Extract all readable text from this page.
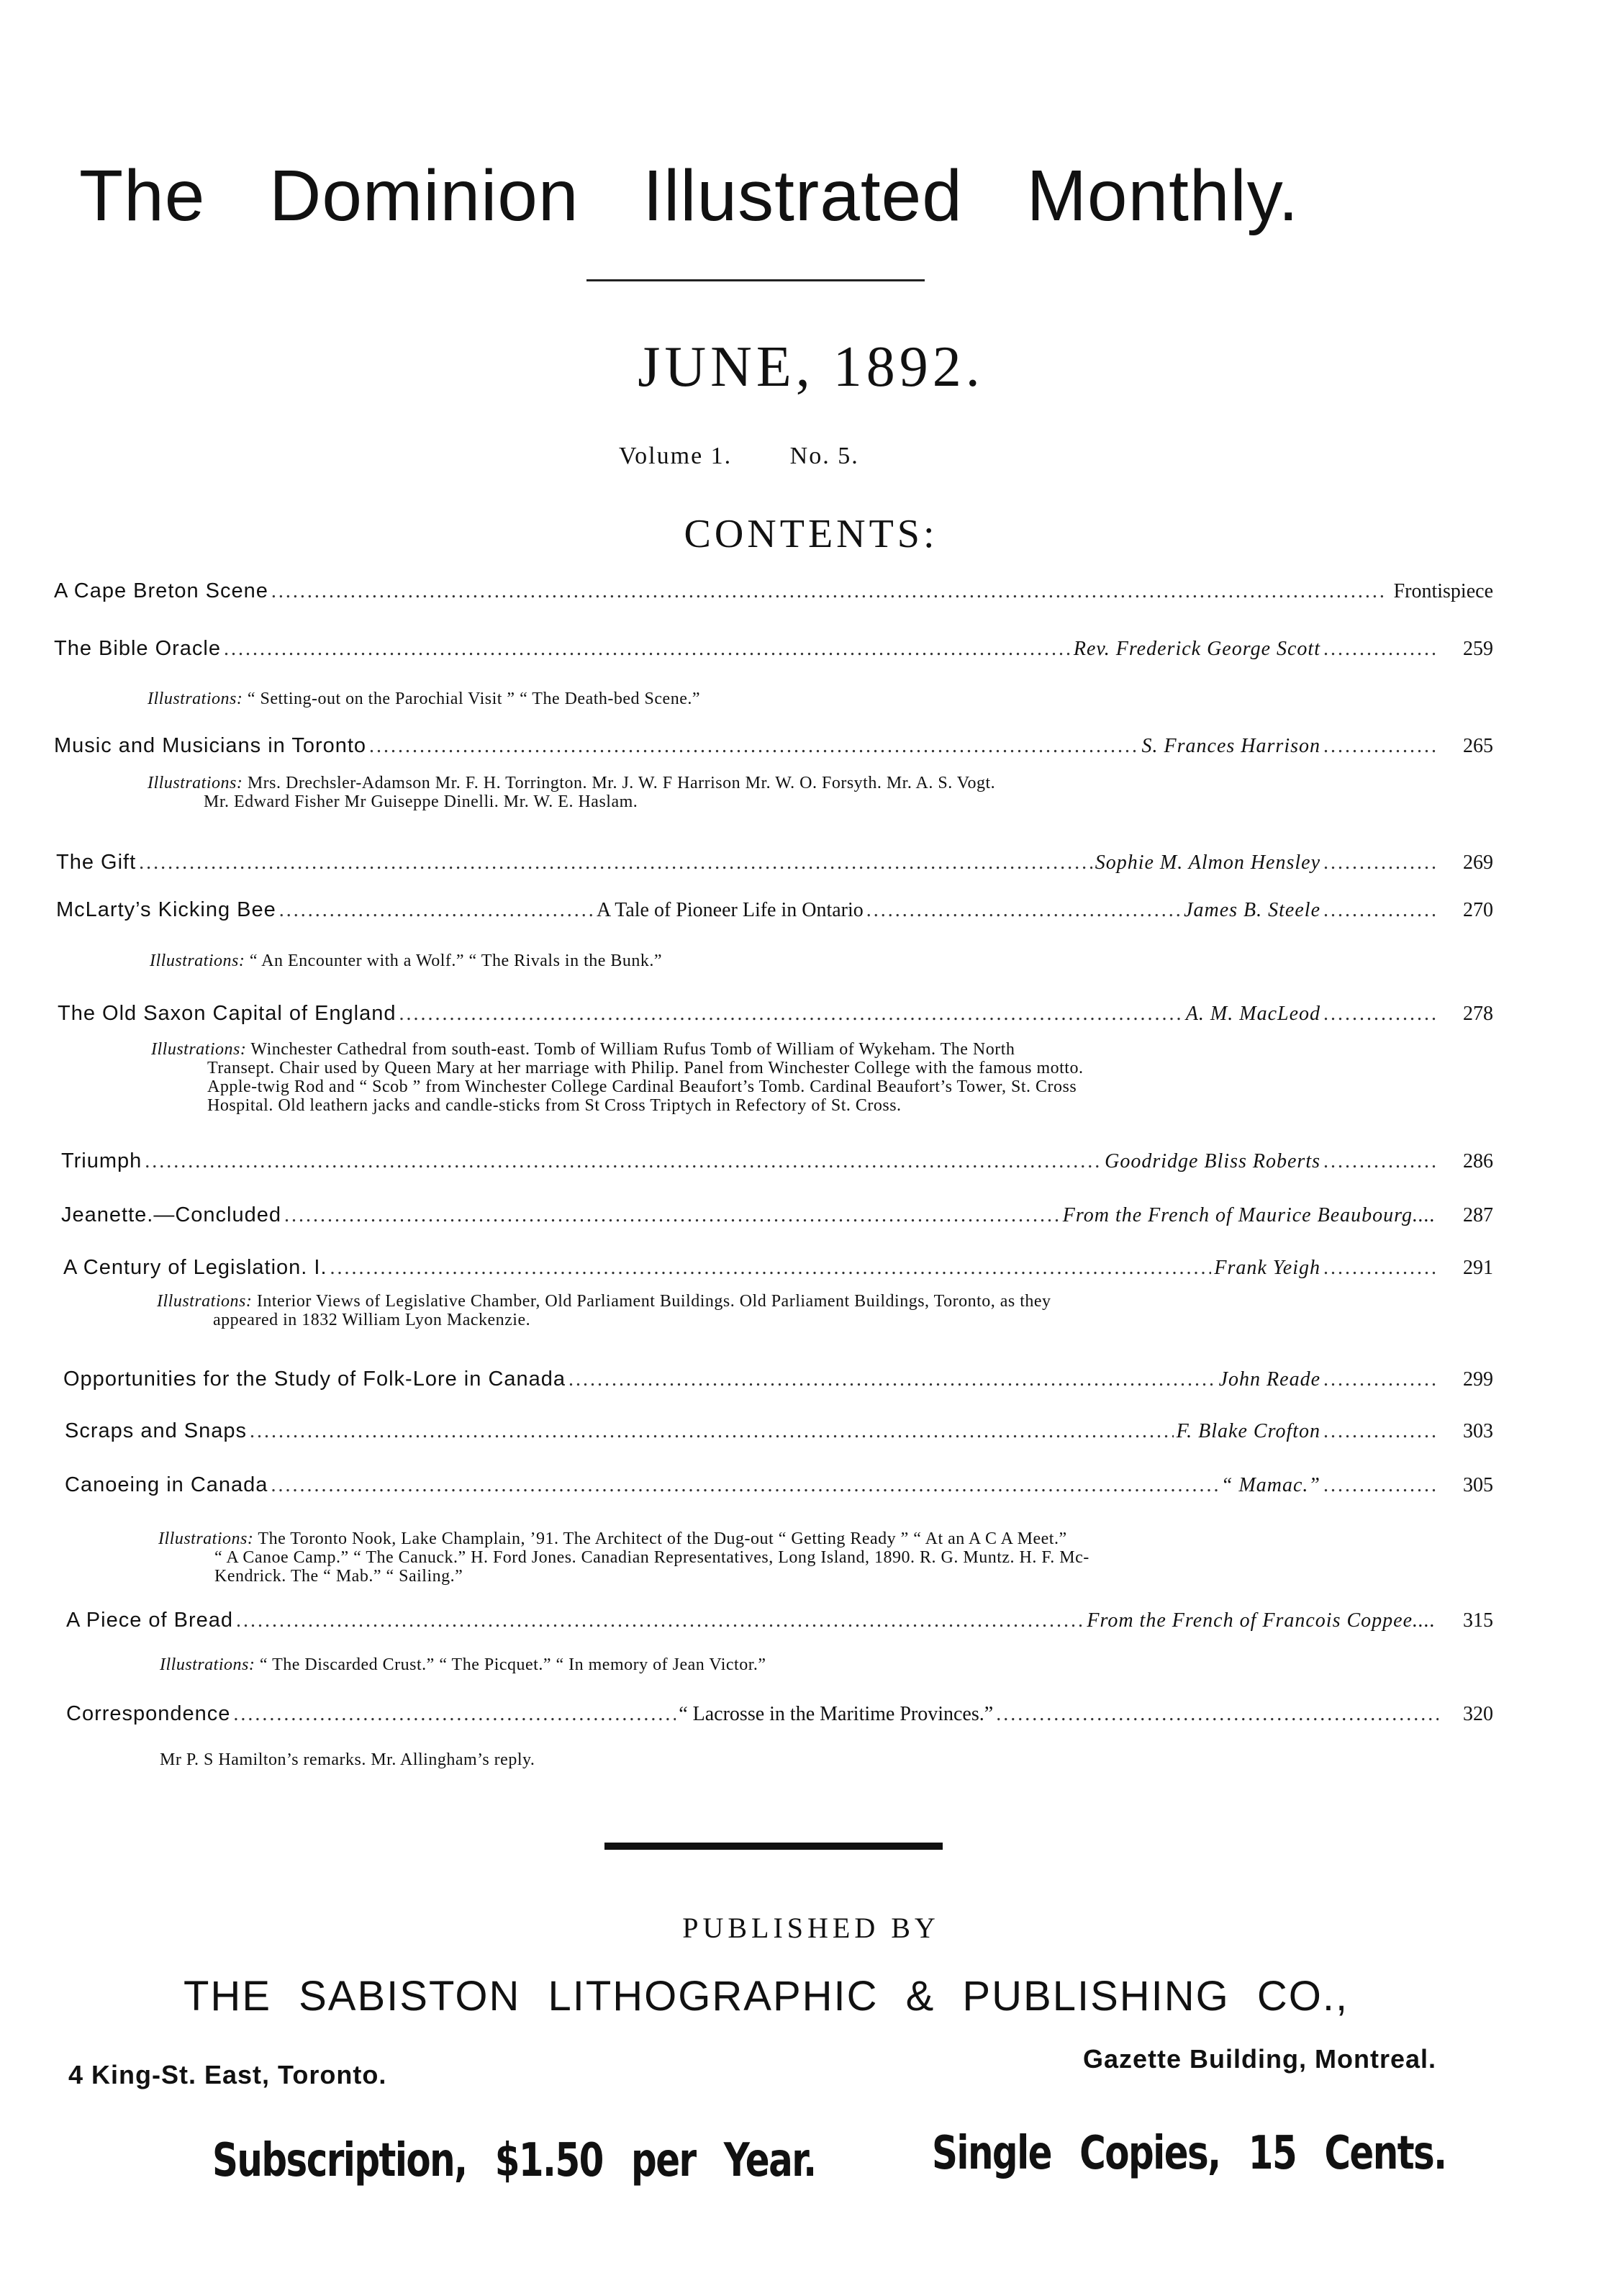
The Dominion Illustrated Monthly.
JUNE, 1892.
Volume 1. No. 5.
CONTENTS:
A Cape Breton Scene .....	Frontispiece
The Bible Oracle .....	Rev. Frederick George Scott .....	259
Illustrations: “ Setting-out on the Parochial Visit ” “ The Death-bed Scene.”
Music and Musicians in Toronto .....	S. Frances Harrison .....	265
Illustrations: Mrs. Drechsler-Adamson Mr. F. H. Torrington. Mr. J. W. F Harrison Mr. W. O. Forsyth. Mr. A. S. Vogt.
Mr. Edward Fisher Mr Guiseppe Dinelli. Mr. W. E. Haslam.
The Gift .....	Sophie M. Almon Hensley .....	269
McLarty’s Kicking Bee .....	A Tale of Pioneer Life in Ontario .....	James B. Steele .....	270
Illustrations: “ An Encounter with a Wolf.” “ The Rivals in the Bunk.”
The Old Saxon Capital of England .....	A. M. MacLeod .....	278
Illustrations: Winchester Cathedral from south-east. Tomb of William Rufus Tomb of William of Wykeham. The North
Transept. Chair used by Queen Mary at her marriage with Philip. Panel from Winchester College with the famous motto.
Apple-twig Rod and “ Scob ” from Winchester College Cardinal Beaufort’s Tomb. Cardinal Beaufort’s Tower, St. Cross
Hospital. Old leathern jacks and candle-sticks from St Cross Triptych in Refectory of St. Cross.
Triumph .....	Goodridge Bliss Roberts .....	286
Jeanette.—Concluded .....	From the French of Maurice Beaubourg.... 287
A Century of Legislation. I. .....	Frank Yeigh .....	291
Illustrations: Interior Views of Legislative Chamber, Old Parliament Buildings. Old Parliament Buildings, Toronto, as they
appeared in 1832 William Lyon Mackenzie.
Opportunities for the Study of Folk-Lore in Canada .....	John Reade .....	299
Scraps and Snaps .....	F. Blake Crofton .....	303
Canoeing in Canada .....	“ Mamac.” .....	305
Illustrations: The Toronto Nook, Lake Champlain, ’91. The Architect of the Dug-out “ Getting Ready ” “ At an A C A Meet.”
“ A Canoe Camp.” “ The Canuck.” H. Ford Jones. Canadian Representatives, Long Island, 1890. R. G. Muntz. H. F. Mc-
Kendrick. The “ Mab.” “ Sailing.”
A Piece of Bread .....	From the French of Francois Coppee.... 315
Illustrations: “ The Discarded Crust.” “ The Picquet.” “ In memory of Jean Victor.”
Correspondence .....	“ Lacrosse in the Maritime Provinces.” .....	320
Mr P. S Hamilton’s remarks. Mr. Allingham’s reply.
PUBLISHED BY
THE SABISTON LITHOGRAPHIC & PUBLISHING CO.,
4 King-St. East, Toronto.
Gazette Building, Montreal.
Subscription, $1.50 per Year.	Single Copies, 15 Cents.
